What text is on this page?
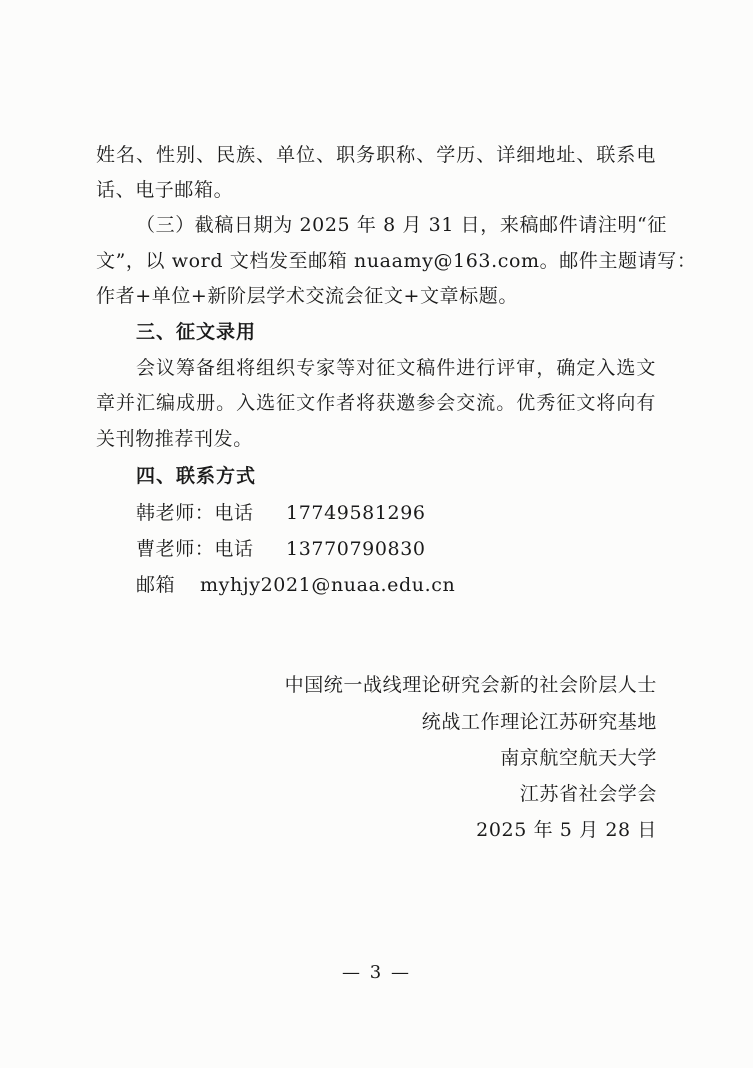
姓名、性别、民族、单位、职务职称、学历、详细地址、联系电
话、电子邮箱。
（三）截稿日期为 2025 年 8 月 31 日，来稿邮件请注明“征
文”，以 word 文档发至邮箱 nuaamy@163.com。邮件主题请写：
作者+单位+新阶层学术交流会征文+文章标题。
三、征文录用
会议筹备组将组织专家等对征文稿件进行评审，确定入选文
章并汇编成册。入选征文作者将获邀参会交流。优秀征文将向有
关刊物推荐刊发。
四、联系方式
韩老师：电话 17749581296
曹老师：电话 13770790830
邮箱 myhjy2021@nuaa.edu.cn
中国统一战线理论研究会新的社会阶层人士
统战工作理论江苏研究基地
南京航空航天大学
江苏省社会学会
2025 年 5 月 28 日
— 3 —
